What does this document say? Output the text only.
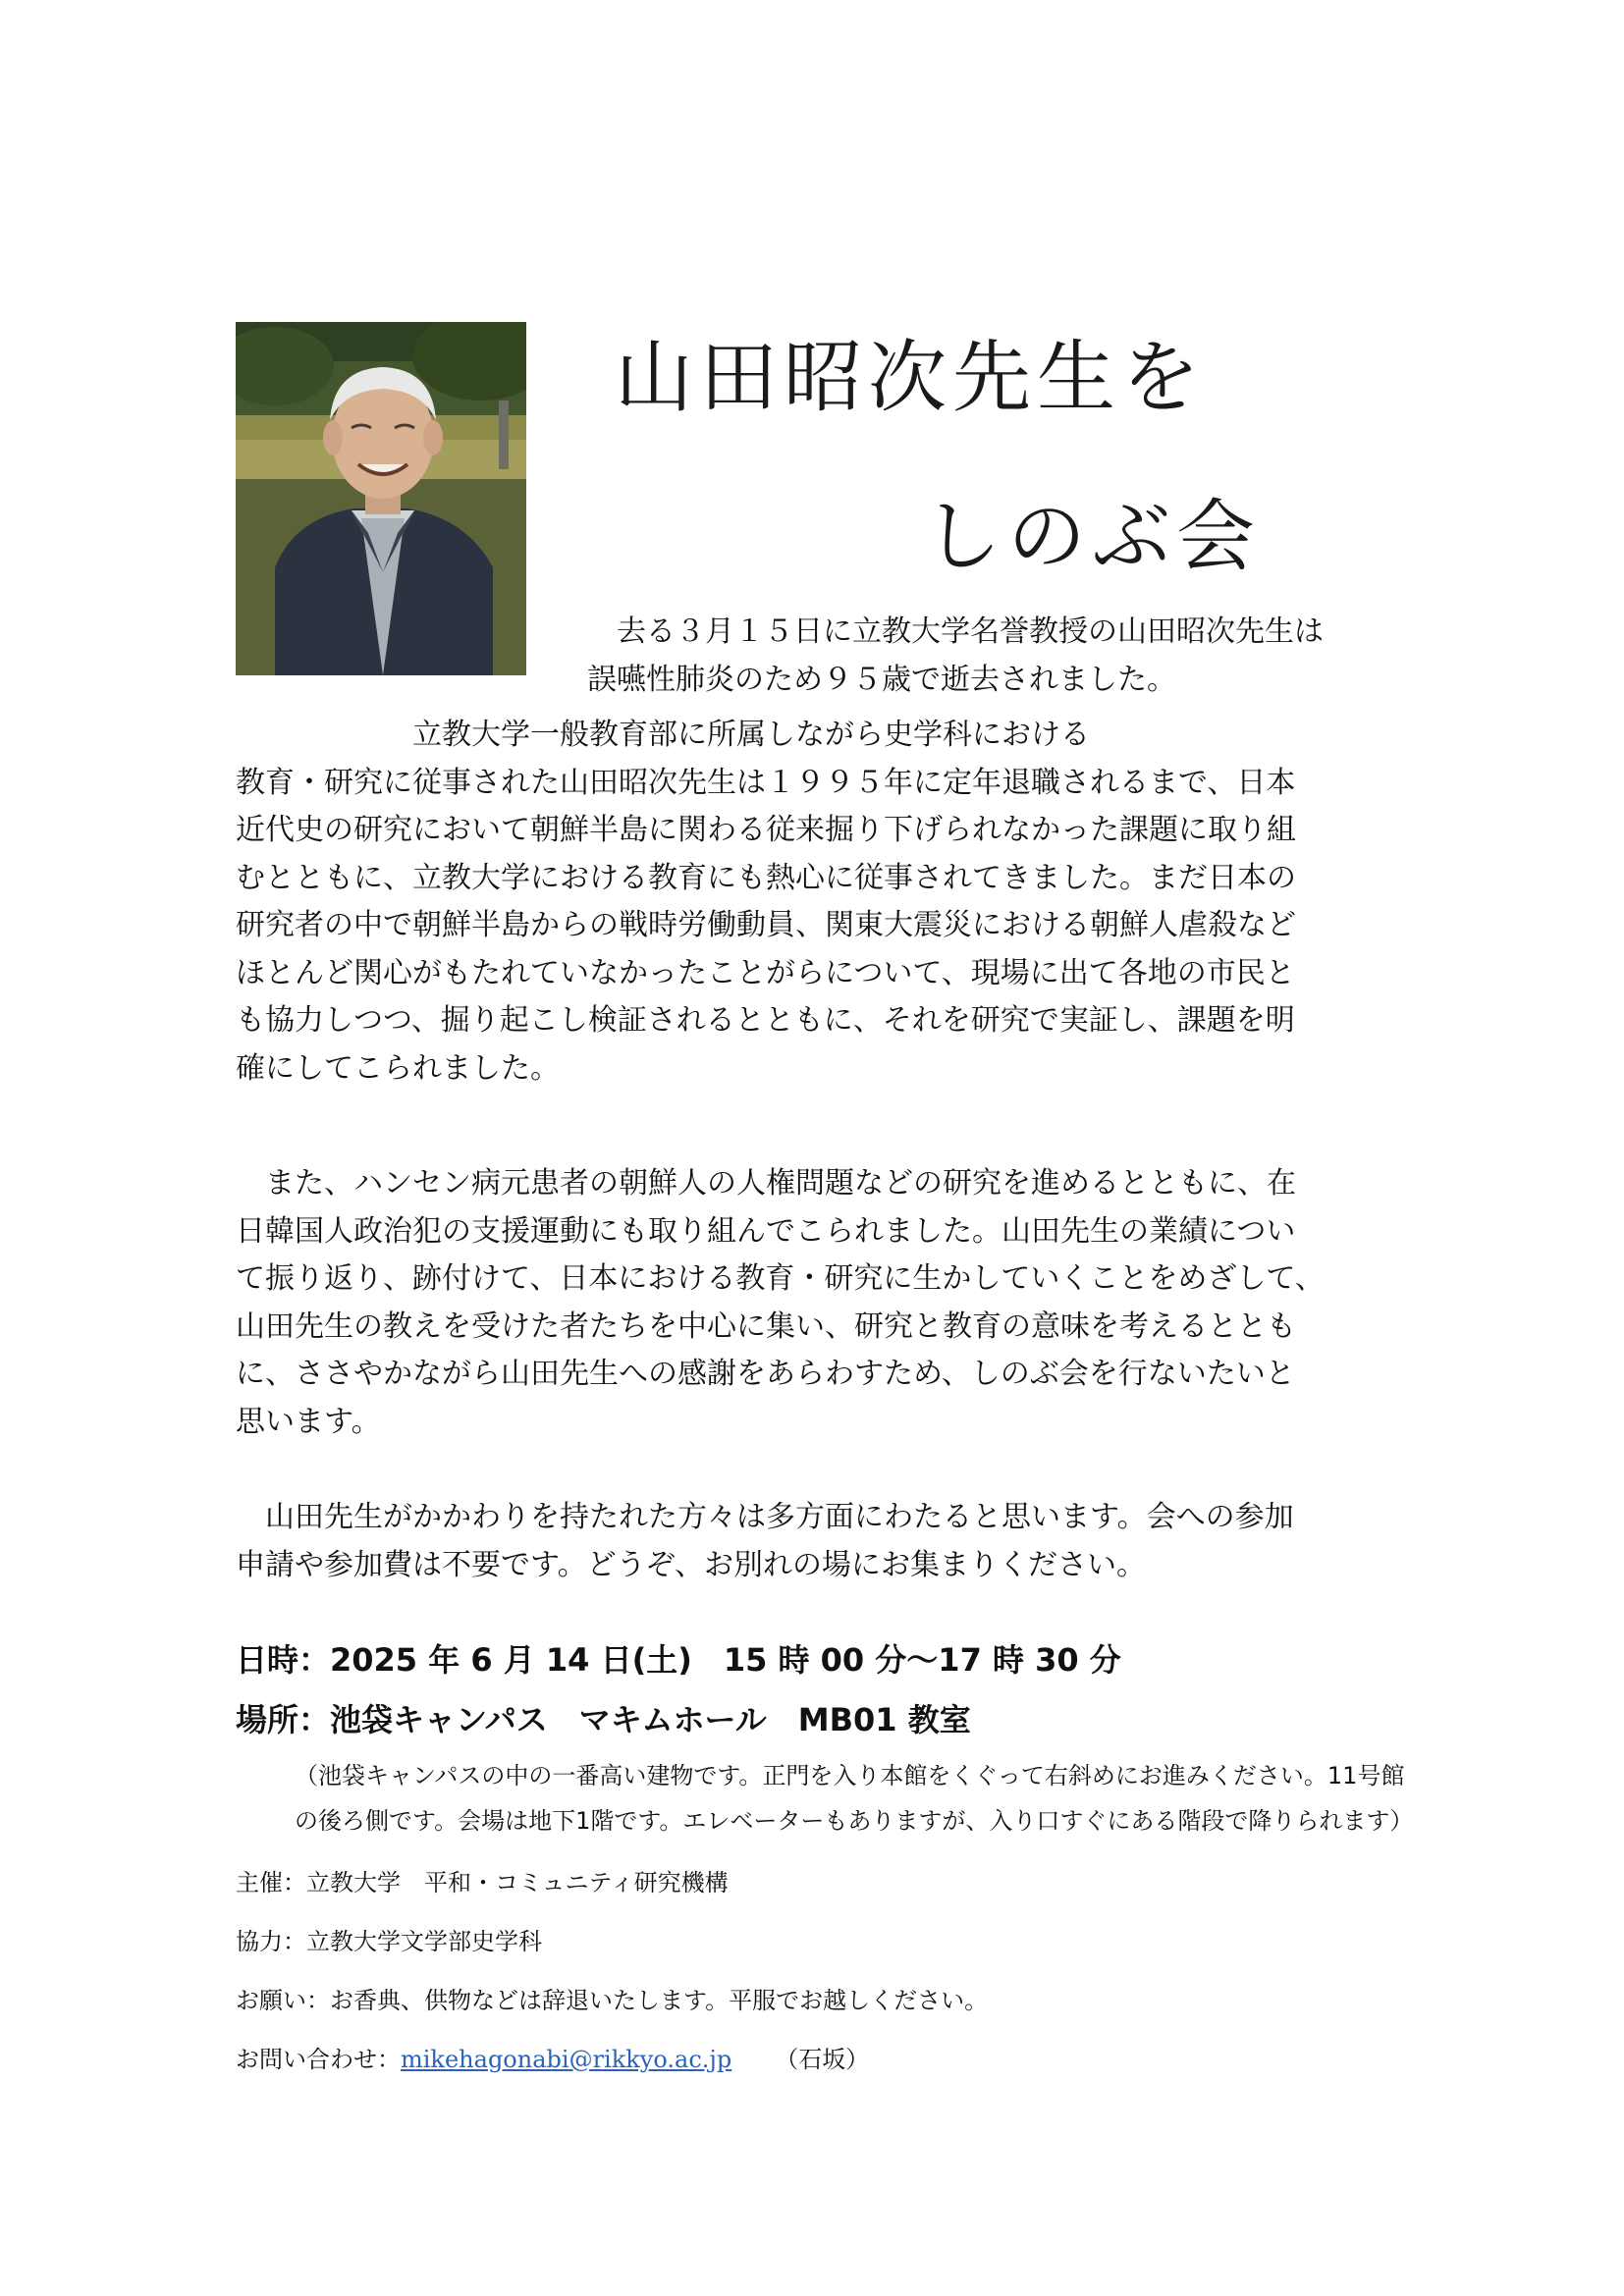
山田昭次先生を
しのぶ会

　去る３月１５日に立教大学名誉教授の山田昭次先生は
誤嚥性肺炎のため９５歳で逝去されました。

　　　　　　立教大学一般教育部に所属しながら史学科における
教育・研究に従事された山田昭次先生は１９９５年に定年退職されるまで、日本
近代史の研究において朝鮮半島に関わる従来掘り下げられなかった課題に取り組
むとともに、立教大学における教育にも熱心に従事されてきました。まだ日本の
研究者の中で朝鮮半島からの戦時労働動員、関東大震災における朝鮮人虐殺など
ほとんど関心がもたれていなかったことがらについて、現場に出て各地の市民と
も協力しつつ、掘り起こし検証されるとともに、それを研究で実証し、課題を明
確にしてこられました。

　また、ハンセン病元患者の朝鮮人の人権問題などの研究を進めるとともに、在
日韓国人政治犯の支援運動にも取り組んでこられました。山田先生の業績につい
て振り返り、跡付けて、日本における教育・研究に生かしていくことをめざして、
山田先生の教えを受けた者たちを中心に集い、研究と教育の意味を考えるととも
に、ささやかながら山田先生への感謝をあらわすため、しのぶ会を行ないたいと
思います。

　山田先生がかかわりを持たれた方々は多方面にわたると思います。会への参加
申請や参加費は不要です。どうぞ、お別れの場にお集まりください。

日時：2025 年 6 月 14 日(土)　15 時 00 分～17 時 30 分

場所：池袋キャンパス　マキムホール　MB01 教室

（池袋キャンパスの中の一番高い建物です。正門を入り本館をくぐって右斜めにお進みください。11号館の後ろ側です。会場は地下1階です。エレベーターもありますが、入り口すぐにある階段で降りられます）

主催：立教大学　平和・コミュニティ研究機構

協力：立教大学文学部史学科

お願い：お香典、供物などは辞退いたします。平服でお越しください。

お問い合わせ：mikehagonabi@rikkyo.ac.jp （石坂）
